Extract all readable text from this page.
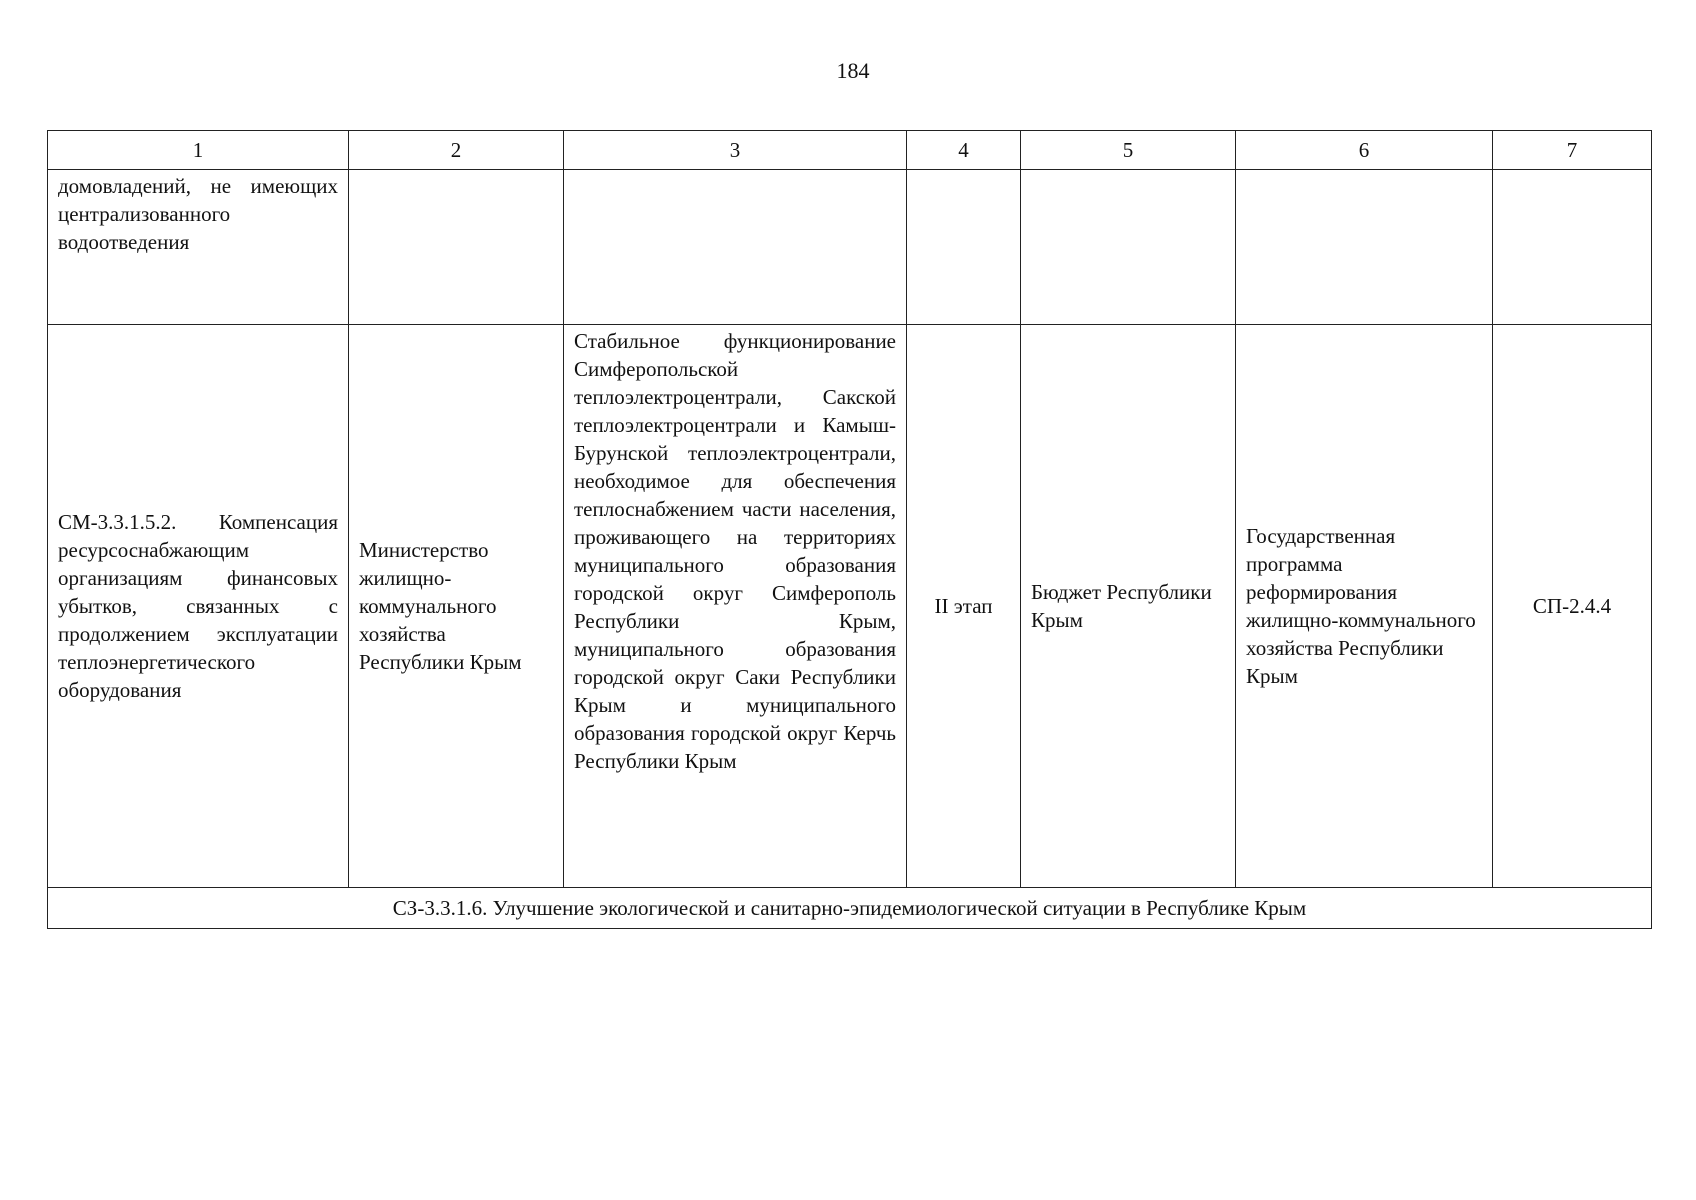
184
1	2	3	4	5	6	7
домовладений, не имеющих централизованного водоотведения						
СМ-3.3.1.5.2. Компенсация ресурсоснабжающим организациям финансовых убытков, связанных с продолжением эксплуатации теплоэнергетического оборудования	Министерство жилищно-коммунального хозяйства Республики Крым	Стабильное функционирование Симферопольской теплоэлектроцентрали, Сакской теплоэлектроцентрали и Камыш-Бурунской теплоэлектроцентрали, необходимое для обеспечения теплоснабжением части населения, проживающего на территориях муниципального образования городской округ Симферополь Республики Крым, муниципального образования городской округ Саки Республики Крым и муниципального образования городской округ Керчь Республики Крым	II этап	Бюджет Республики Крым	Государственная программа реформирования жилищно-коммунального хозяйства Республики Крым	СП-2.4.4
СЗ-3.3.1.6. Улучшение экологической и санитарно-эпидемиологической ситуации в Республике Крым						
